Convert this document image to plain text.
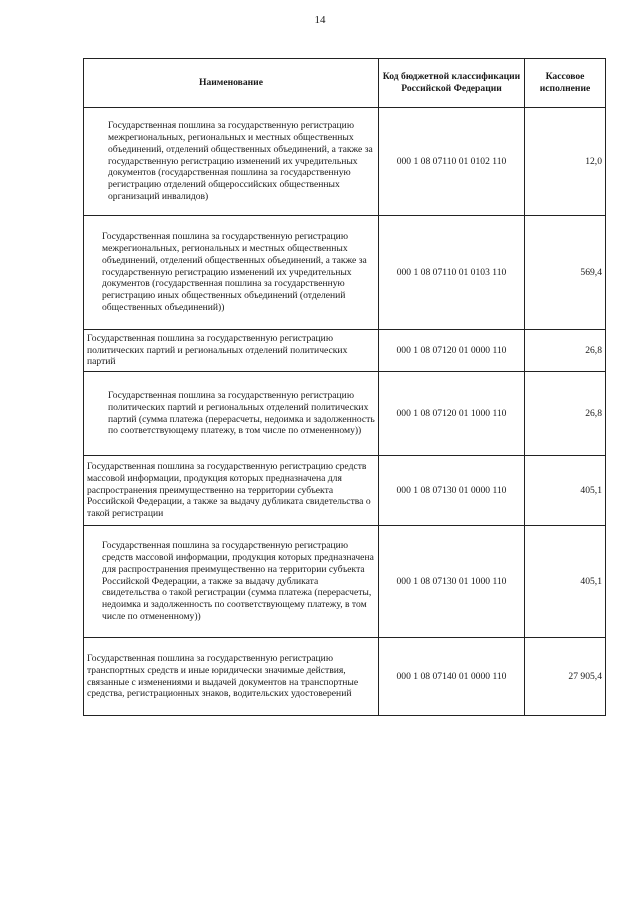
14
Наименование	Код бюджетной классификации Российской Федерации	Кассовое исполнение
Государственная пошлина за государственную регистрацию межрегиональных, региональных и местных общественных объединений, отделений общественных объединений, а также за государственную регистрацию изменений их учредительных документов (государственная пошлина за государственную регистрацию отделений общероссийских общественных организаций инвалидов)	000 1 08 07110 01 0102 110	12,0
Государственная пошлина за государственную регистрацию межрегиональных, региональных и местных общественных объединений, отделений общественных объединений, а также за государственную регистрацию изменений их учредительных документов (государственная пошлина за государственную регистрацию иных общественных объединений (отделений общественных объединений))	000 1 08 07110 01 0103 110	569,4
Государственная пошлина за государственную регистрацию политических партий и региональных отделений политических партий	000 1 08 07120 01 0000 110	26,8
Государственная пошлина за государственную регистрацию политических партий и региональных отделений политических партий (сумма платежа (перерасчеты, недоимка и задолженность по соответствующему платежу, в том числе по отмененному))	000 1 08 07120 01 1000 110	26,8
Государственная пошлина за государственную регистрацию средств массовой информации, продукция которых предназначена для распространения преимущественно на территории субъекта Российской Федерации, а также за выдачу дубликата свидетельства о такой регистрации	000 1 08 07130 01 0000 110	405,1
Государственная пошлина за государственную регистрацию средств массовой информации, продукция которых предназначена для распространения преимущественно на территории субъекта Российской Федерации, а также за выдачу дубликата свидетельства о такой регистрации (сумма платежа (перерасчеты, недоимка и задолженность по соответствующему платежу, в том числе по отмененному))	000 1 08 07130 01 1000 110	405,1
Государственная пошлина за государственную регистрацию транспортных средств и иные юридически значимые действия, связанные с изменениями и выдачей документов на транспортные средства, регистрационных знаков, водительских удостоверений	000 1 08 07140 01 0000 110	27 905,4
